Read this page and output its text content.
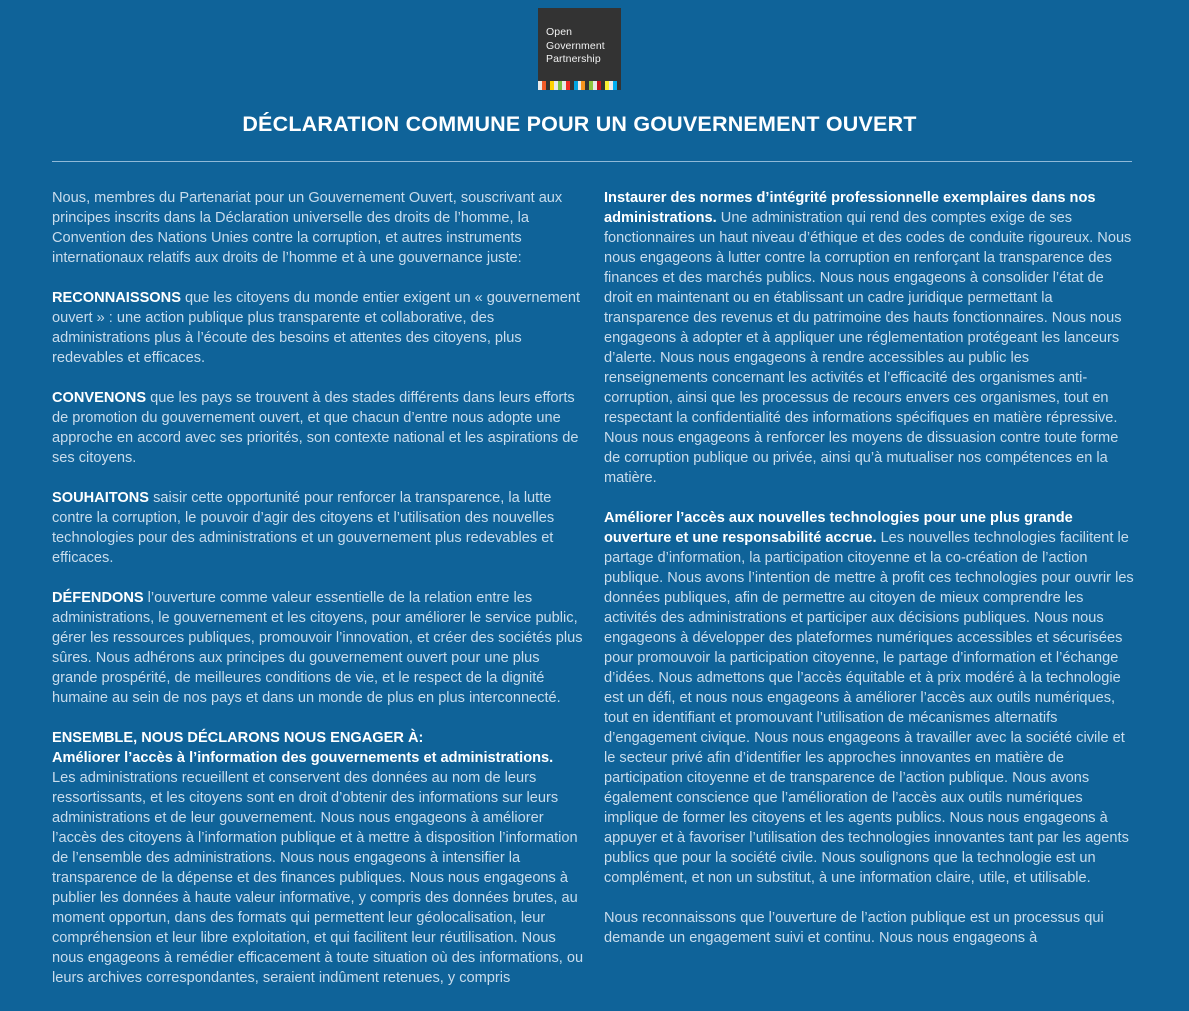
Open
Government
Partnership
DÉCLARATION COMMUNE POUR UN GOUVERNEMENT OUVERT

Nous, membres du Partenariat pour un Gouvernement Ouvert, souscrivant aux principes inscrits dans la Déclaration universelle des droits de l’homme, la Convention des Nations Unies contre la corruption, et autres instruments internationaux relatifs aux droits de l’homme et à une gouvernance juste:

RECONNAISSONS que les citoyens du monde entier exigent un « gouvernement ouvert » : une action publique plus transparente et collaborative, des administrations plus à l’écoute des besoins et attentes des citoyens, plus redevables et efficaces.

CONVENONS que les pays se trouvent à des stades différents dans leurs efforts de promotion du gouvernement ouvert, et que chacun d’entre nous adopte une approche en accord avec ses priorités, son contexte national et les aspirations de ses citoyens.

SOUHAITONS saisir cette opportunité pour renforcer la transparence, la lutte contre la corruption, le pouvoir d’agir des citoyens et l’utilisation des nouvelles technologies pour des administrations et un gouvernement plus redevables et efficaces.

DÉFENDONS l’ouverture comme valeur essentielle de la relation entre les administrations, le gouvernement et les citoyens, pour améliorer le service public, gérer les ressources publiques, promouvoir l’innovation, et créer des sociétés plus sûres. Nous adhérons aux principes du gouvernement ouvert pour une plus grande prospérité, de meilleures conditions de vie, et le respect de la dignité humaine au sein de nos pays et dans un monde de plus en plus interconnecté.

ENSEMBLE, NOUS DÉCLARONS NOUS ENGAGER À:
Améliorer l’accès à l’information des gouvernements et administrations.
Les administrations recueillent et conservent des données au nom de leurs ressortissants, et les citoyens sont en droit d’obtenir des informations sur leurs administrations et de leur gouvernement. Nous nous engageons à améliorer l’accès des citoyens à l’information publique et à mettre à disposition l’information de l’ensemble des administrations. Nous nous engageons à intensifier la transparence de la dépense et des finances publiques. Nous nous engageons à publier les données à haute valeur informative, y compris des données brutes, au moment opportun, dans des formats qui permettent leur géolocalisation, leur compréhension et leur libre exploitation, et qui facilitent leur réutilisation. Nous nous engageons à remédier efficacement à toute situation où des informations, ou leurs archives correspondantes, seraient indûment retenues, y compris

Instaurer des normes d’intégrité professionnelle exemplaires dans nos administrations. Une administration qui rend des comptes exige de ses fonctionnaires un haut niveau d’éthique et des codes de conduite rigoureux. Nous nous engageons à lutter contre la corruption en renforçant la transparence des finances et des marchés publics. Nous nous engageons à consolider l’état de droit en maintenant ou en établissant un cadre juridique permettant la transparence des revenus et du patrimoine des hauts fonctionnaires. Nous nous engageons à adopter et à appliquer une réglementation protégeant les lanceurs d’alerte. Nous nous engageons à rendre accessibles au public les renseignements concernant les activités et l’efficacité des organismes anti-corruption, ainsi que les processus de recours envers ces organismes, tout en respectant la confidentialité des informations spécifiques en matière répressive. Nous nous engageons à renforcer les moyens de dissuasion contre toute forme de corruption publique ou privée, ainsi qu’à mutualiser nos compétences en la matière.

Améliorer l’accès aux nouvelles technologies pour une plus grande ouverture et une responsabilité accrue. Les nouvelles technologies facilitent le partage d’information, la participation citoyenne et la co-création de l’action publique. Nous avons l’intention de mettre à profit ces technologies pour ouvrir les données publiques, afin de permettre au citoyen de mieux comprendre les activités des administrations et participer aux décisions publiques. Nous nous engageons à développer des plateformes numériques accessibles et sécurisées pour promouvoir la participation citoyenne, le partage d’information et l’échange d’idées. Nous admettons que l’accès équitable et à prix modéré à la technologie est un défi, et nous nous engageons à améliorer l’accès aux outils numériques, tout en identifiant et promouvant l’utilisation de mécanismes alternatifs d’engagement civique. Nous nous engageons à travailler avec la société civile et le secteur privé afin d’identifier les approches innovantes en matière de participation citoyenne et de transparence de l’action publique. Nous avons également conscience que l’amélioration de l’accès aux outils numériques implique de former les citoyens et les agents publics. Nous nous engageons à appuyer et à favoriser l’utilisation des technologies innovantes tant par les agents publics que pour la société civile. Nous soulignons que la technologie est un complément, et non un substitut, à une information claire, utile, et utilisable.

Nous reconnaissons que l’ouverture de l’action publique est un processus qui demande un engagement suivi et continu. Nous nous engageons à
